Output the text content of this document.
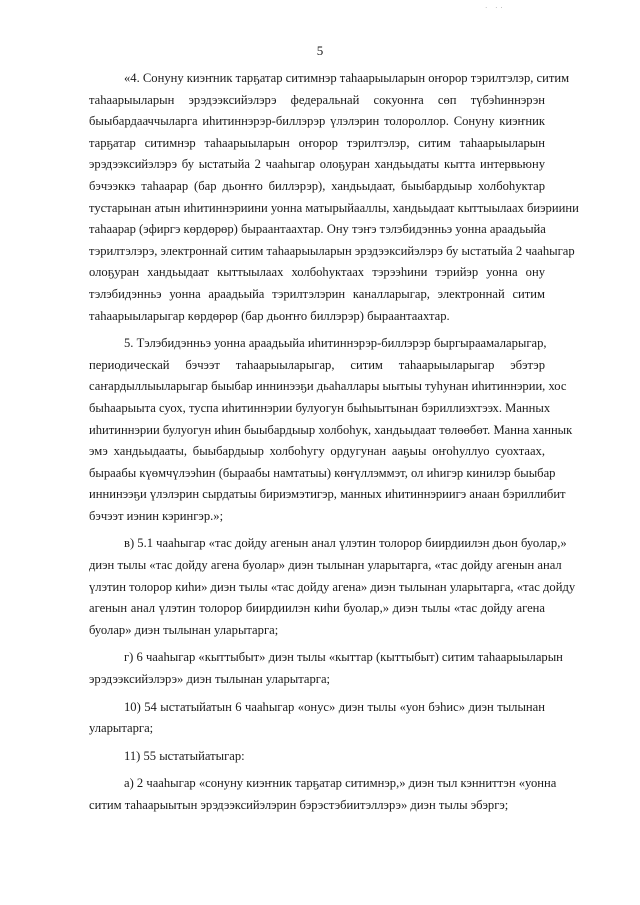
· ··
5
«4. Сонуну киэҥник тарҕатар ситимнэр таһаарыыларын оҥорор тэрилтэлэр, ситим
таһаарыыларын эрэдээксийэлэрэ федеральнай сокуонҥа сөп түбэһиннэрэн
быыбардааччыларга иһитиннэрэр-биллэрэр үлэлэрин толороллор. Сонуну киэҥник
тарҕатар ситимнэр таһаарыыларын оҥорор тэрилтэлэр, ситим таһаарыыларын
эрэдээксийэлэрэ бу ыстатыйа 2 чааһыгар олоҕуран хандьыдаты кытта интервьюну
бэчээккэ таһаарар (бар дьоҥҥо биллэрэр), хандьыдаат, быыбардыыр холбоһуктар
тустарынан атын иһитиннэриини уонна матырыйааллы, хандьыдаат кыттыылаах биэриини
таһаарар (эфиргэ көрдөрөр) быраантаахтар. Ону тэҥэ тэлэбидэнньэ уонна араадьыйа
тэрилтэлэрэ, электроннай ситим таһаарыыларын эрэдээксийэлэрэ бу ыстатыйа 2 чааһыгар
олоҕуран хандьыдаат кыттыылаах холбоһуктаах тэрээһини тэрийэр уонна ону
тэлэбидэнньэ уонна араадьыйа тэрилтэлэрин каналларыгар, электроннай ситим
таһаарыыларыгар көрдөрөр (бар дьоҥҥо биллэрэр) быраантаахтар.
5. Тэлэбидэнньэ уонна араадьыйа иһитиннэрэр-биллэрэр быргыраамаларыгар,
периодическай бэчээт таһаарыыларыгар, ситим таһаарыыларыгар эбэтэр
саҥардыллыыларыгар быыбар иннинээҕи дьаһаллары ыытыы туһунан иһитиннэрии, хос
быһаарыыта суох, туспа иһитиннэрии булуогун быһыытынан бэриллиэхтээх. Манных
иһитиннэрии булуогун иһин быыбардыыр холбоһук, хандьыдаат төлөөбөт. Манна ханнык
эмэ хандьыдааты, быыбардыыр холбоһугу ордугунан ааҕыы оҥоһуллуо суохтаах,
быраабы күөмчүлээһин (быраабы намтатыы) көҥүллэммэт, ол иһигэр кинилэр быыбар
иннинээҕи үлэлэрин сырдатыы бириэмэтигэр, манных иһитиннэриигэ анаан бэриллибит
бэчээт иэнин кэрингэр.»;
в) 5.1 чааһыгар «тас дойду агенын анал үлэтин толорор биирдиилэн дьон буолар,»
диэн тылы «тас дойду агена буолар» диэн тылынан уларытарга, «тас дойду агенын анал
үлэтин толорор киһи» диэн тылы «тас дойду агена» диэн тылынан уларытарга, «тас дойду
агенын анал үлэтин толорор биирдиилэн киһи буолар,» диэн тылы «тас дойду агена
буолар» диэн тылынан уларытарга;
г) 6 чааһыгар «кыттыбыт» диэн тылы «кыттар (кыттыбыт) ситим таһаарыыларын
эрэдээксийэлэрэ» диэн тылынан уларытарга;
10) 54 ыстатыйатын 6 чааһыгар «онус» диэн тылы «уон бэһис» диэн тылынан
уларытарга;
11) 55 ыстатыйатыгар:
а) 2 чааһыгар «сонуну киэҥник тарҕатар ситимнэр,» диэн тыл кэнниттэн «уонна
ситим таһаарыытын эрэдээксийэлэрин бэрэстэбиитэллэрэ» диэн тылы эбэргэ;
